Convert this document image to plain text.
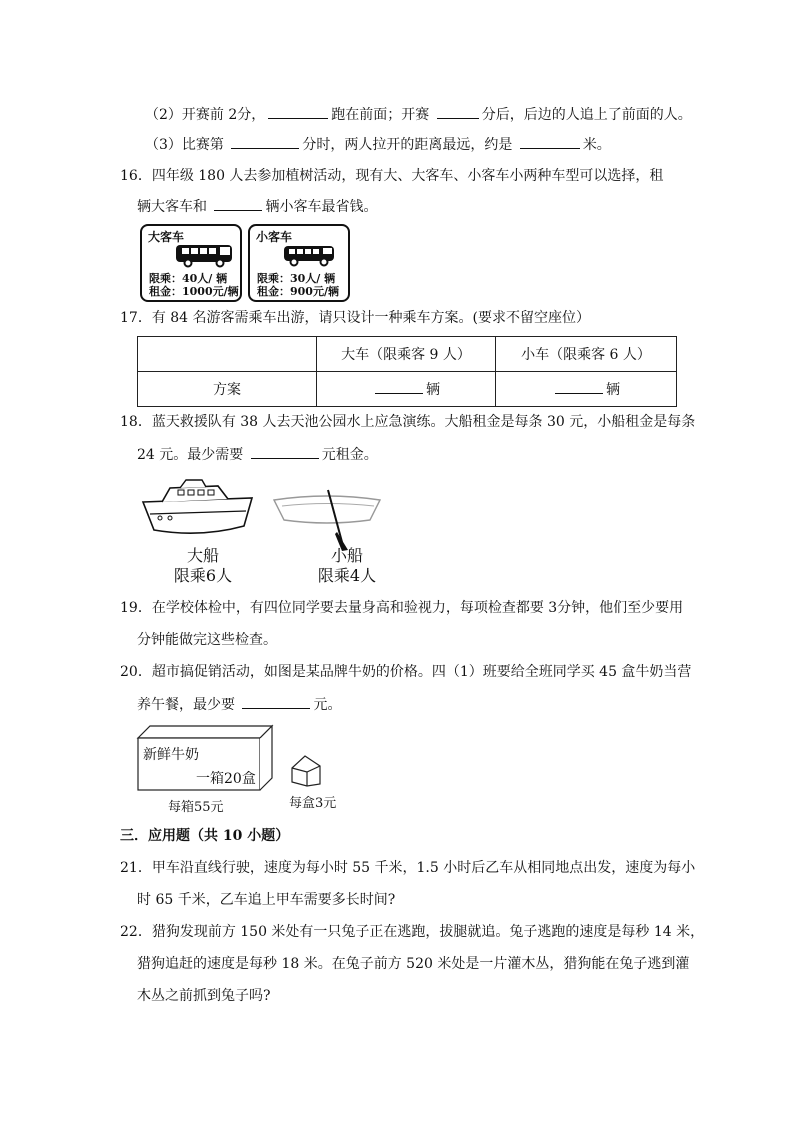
（2）开赛前 2分，	跑在前面；开赛	分后，后边的人追上了前面的人。
（3）比赛第	分时，两人拉开的距离最远，约是	米。
16．四年级 180 人去参加植树活动，现有大、大客车、小客车小两种车型可以选择，租
辆大客车和	辆小客车最省钱。
大客车
限乘：40人/ 辆
租金：1000元/辆
小客车
限乘：30人/ 辆
租金：900元/辆
17．有 84 名游客需乘车出游，请只设计一种乘车方案。(要求不留空座位）
	大车（限乘客 9 人）	小车（限乘客 6 人）
方案	辆	辆
18．蓝天救援队有 38 人去天池公园水上应急演练。大船租金是每条 30 元，小船租金是每条
24 元。最少需要	元租金。
大船
限乘6人
小船
限乘4人
19．在学校体检中，有四位同学要去量身高和验视力，每项检查都要 3分钟，他们至少要用
分钟能做完这些检查。
20．超市搞促销活动，如图是某品牌牛奶的价格。四（1）班要给全班同学买 45 盒牛奶当营
养午餐，最少要	元。
新鲜牛奶
一箱20盒
每箱55元	每盒3元
三．应用题（共 10 小题）
21．甲车沿直线行驶，速度为每小时 55 千米，1.5 小时后乙车从相同地点出发，速度为每小
时 65 千米，乙车追上甲车需要多长时间?
22．猎狗发现前方 150 米处有一只兔子正在逃跑，拔腿就追。兔子逃跑的速度是每秒 14 米，
猎狗追赶的速度是每秒 18 米。在兔子前方 520 米处是一片灌木丛，猎狗能在兔子逃到灌
木丛之前抓到兔子吗?
